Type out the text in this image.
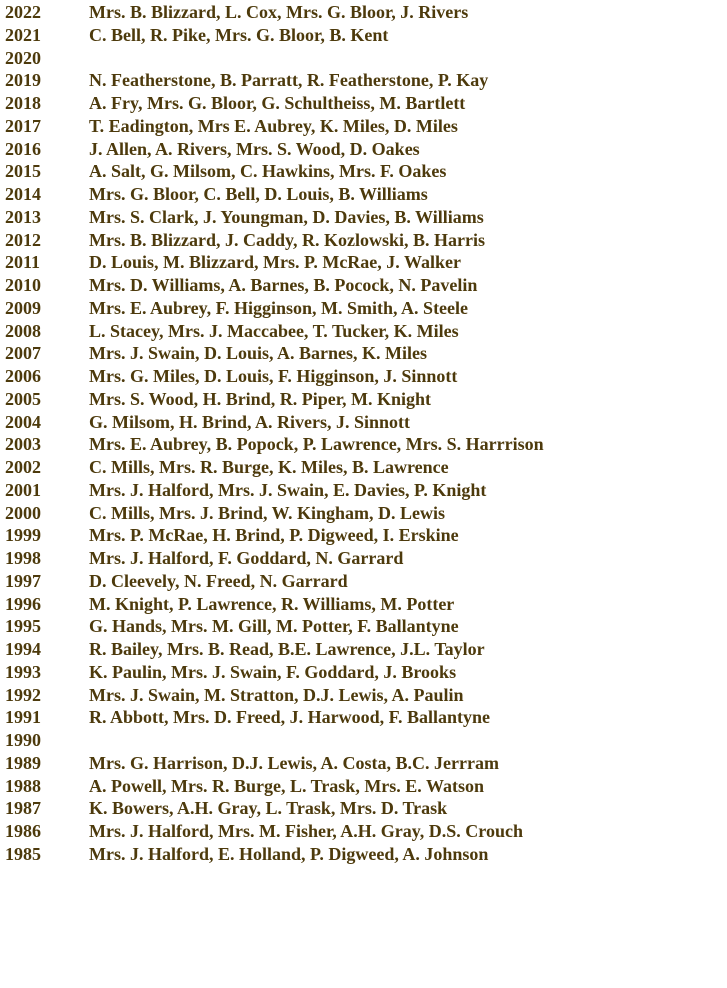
2022	Mrs. B. Blizzard, L. Cox, Mrs. G. Bloor, J. Rivers
2021	C. Bell, R. Pike, Mrs. G. Bloor, B. Kent
2020	
2019	N. Featherstone, B. Parratt, R. Featherstone, P. Kay
2018	A. Fry, Mrs. G. Bloor, G. Schultheiss, M. Bartlett
2017	T. Eadington, Mrs E. Aubrey, K. Miles, D. Miles
2016	J. Allen, A. Rivers, Mrs. S. Wood, D. Oakes
2015	A. Salt, G. Milsom, C. Hawkins, Mrs. F. Oakes
2014	Mrs. G. Bloor, C. Bell, D. Louis, B. Williams
2013	Mrs. S. Clark, J. Youngman, D. Davies, B. Williams
2012	Mrs. B. Blizzard, J. Caddy, R. Kozlowski, B. Harris
2011	D. Louis, M. Blizzard, Mrs. P. McRae, J. Walker
2010	Mrs. D. Williams, A. Barnes, B. Pocock, N. Pavelin
2009	Mrs. E. Aubrey, F. Higginson, M. Smith, A. Steele
2008	L. Stacey, Mrs. J. Maccabee, T. Tucker, K. Miles
2007	Mrs. J. Swain, D. Louis, A. Barnes, K. Miles
2006	Mrs. G. Miles, D. Louis, F. Higginson, J. Sinnott
2005	Mrs. S. Wood, H. Brind, R. Piper, M. Knight
2004	G. Milsom, H. Brind, A. Rivers, J. Sinnott
2003	Mrs. E. Aubrey, B. Popock, P. Lawrence, Mrs. S. Harrrison
2002	C. Mills, Mrs. R. Burge, K. Miles, B. Lawrence
2001	Mrs. J. Halford, Mrs. J. Swain, E. Davies, P. Knight
2000	C. Mills, Mrs. J. Brind, W. Kingham, D. Lewis
1999	Mrs. P. McRae, H. Brind, P. Digweed, I. Erskine
1998	Mrs. J. Halford, F. Goddard, N. Garrard
1997	D. Cleevely, N. Freed, N. Garrard
1996	M. Knight, P. Lawrence, R. Williams, M. Potter
1995	G. Hands, Mrs. M. Gill, M. Potter, F. Ballantyne
1994	R. Bailey, Mrs. B. Read, B.E. Lawrence, J.L. Taylor
1993	K. Paulin, Mrs. J. Swain, F. Goddard, J. Brooks
1992	Mrs. J. Swain, M. Stratton, D.J. Lewis, A. Paulin
1991	R. Abbott, Mrs. D. Freed, J. Harwood, F. Ballantyne
1990	
1989	Mrs. G. Harrison, D.J. Lewis, A. Costa, B.C. Jerrram
1988	A. Powell, Mrs. R. Burge, L. Trask, Mrs. E. Watson
1987	K. Bowers, A.H. Gray, L. Trask, Mrs. D. Trask
1986	Mrs. J. Halford, Mrs. M. Fisher, A.H. Gray, D.S. Crouch
1985	Mrs. J. Halford, E. Holland, P. Digweed, A. Johnson
